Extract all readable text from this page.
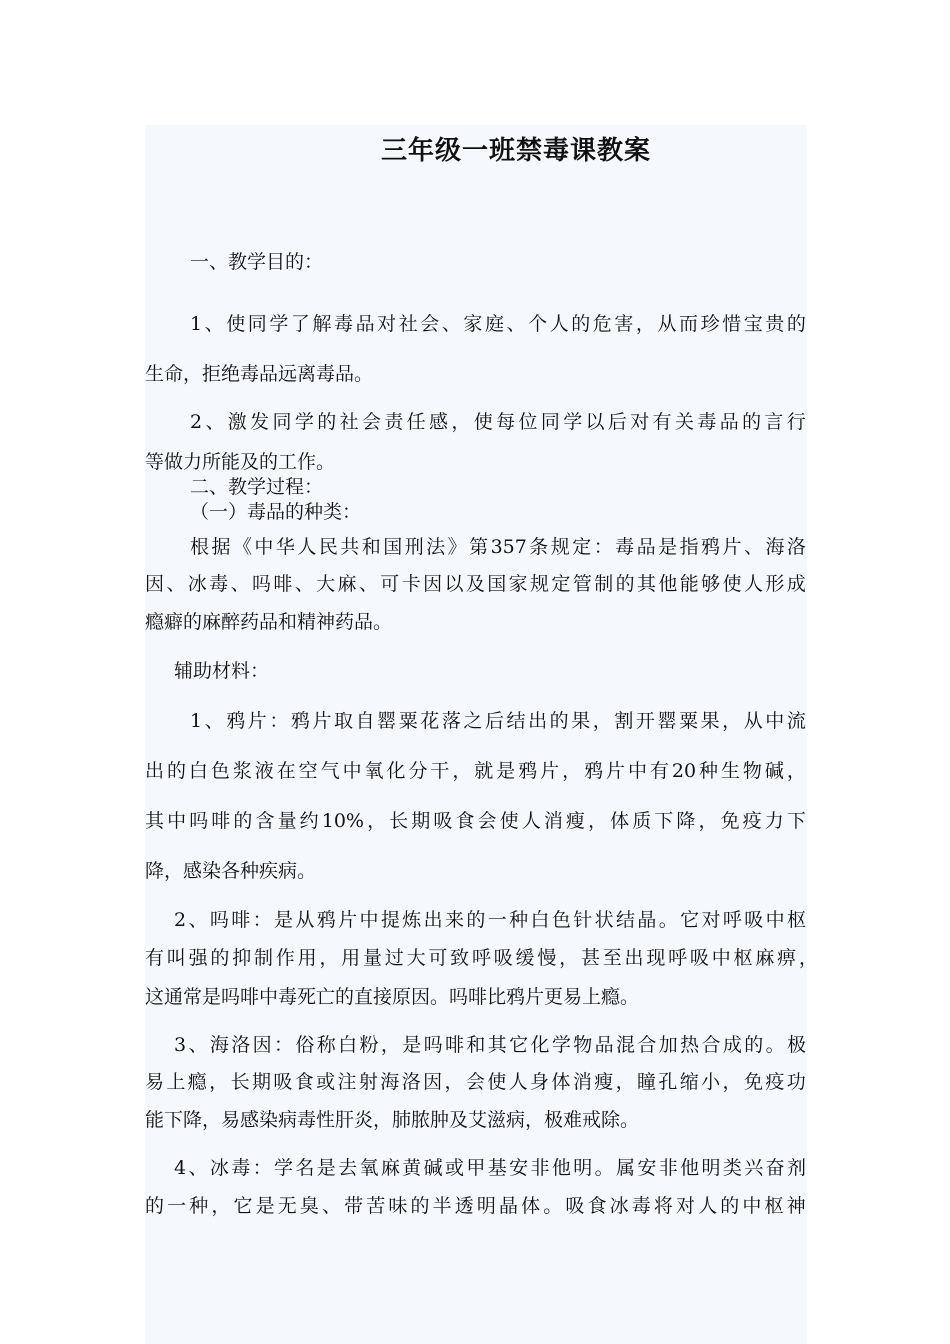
三年级一班禁毒课教案

一、教学目的：

1 、 使 同 学 了 解 毒 品 对 社 会 、 家 庭 、 个 人 的 危 害 ， 从 而 珍 惜 宝 贵 的

生命，拒绝毒品远离毒品。

2 、 激 发 同 学 的 社 会 责 任 感 ， 使 每 位 同 学 以 后 对 有 关 毒 品 的 言 行

等做力所能及的工作。

二、教学过程：

（一）毒品的种类：

根 据 《 中 华 人 民 共 和 国 刑 法 》 第 357 条 规 定 ： 毒 品 是 指 鸦 片 、 海 洛

因 、 冰 毒 、 吗 啡 、 大 麻 、 可 卡 因 以 及 国 家 规 定 管 制 的 其 他 能 够 使 人 形 成

瘾癖的麻醉药品和精神药品。

辅助材料：

1 、 鸦 片 ： 鸦 片 取 自 罂 粟 花 落 之 后 结 出 的 果 ， 割 开 罂 粟 果 ， 从 中 流

出 的 白 色 浆 液 在 空 气 中 氧 化 分 干 ， 就 是 鸦 片 ， 鸦 片 中 有 20 种 生 物 碱 ，

其 中 吗 啡 的 含 量 约 10% ， 长 期 吸 食 会 使 人 消 瘦 ， 体 质 下 降 ， 免 疫 力 下

降，感染各种疾病。

2 、 吗 啡 ： 是 从 鸦 片 中 提 炼 出 来 的 一 种 白 色 针 状 结 晶 。 它 对 呼 吸 中 枢

有 叫 强 的 抑 制 作 用 ， 用 量 过 大 可 致 呼 吸 缓 慢 ， 甚 至 出 现 呼 吸 中 枢 麻 痹 ，

这通常是吗啡中毒死亡的直接原因。吗啡比鸦片更易上瘾。

3 、 海 洛 因 ： 俗 称 白 粉 ， 是 吗 啡 和 其 它 化 学 物 品 混 合 加 热 合 成 的 。 极

易 上 瘾 ， 长 期 吸 食 或 注 射 海 洛 因 ， 会 使 人 身 体 消 瘦 ， 瞳 孔 缩 小 ， 免 疫 功

能下降，易感染病毒性肝炎，肺脓肿及艾滋病，极难戒除。

4 、 冰 毒 ： 学 名 是 去 氧 麻 黄 碱 或 甲 基 安 非 他 明 。 属 安 非 他 明 类 兴 奋 剂

的 一 种 ， 它 是 无 臭 、 带 苦 味 的 半 透 明 晶 体 。 吸 食 冰 毒 将 对 人 的 中 枢 神
